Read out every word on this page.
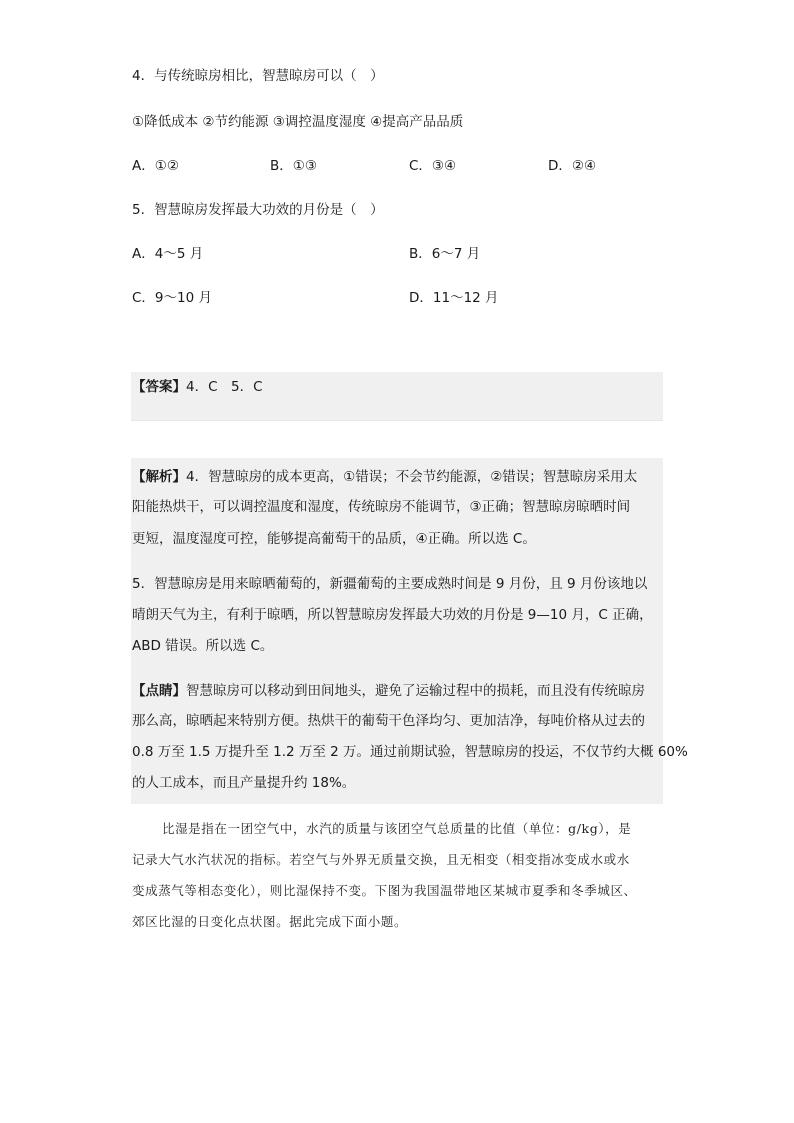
4．与传统晾房相比，智慧晾房可以（　）
①降低成本 ②节约能源 ③调控温度湿度 ④提高产品品质
A．①②	B．①③	C．③④	D．②④
5．智慧晾房发挥最大功效的月份是（　）
A．4～5 月	B．6～7 月
C．9～10 月	D．11～12 月
【答案】4．C　5．C
【解析】4．智慧晾房的成本更高，①错误；不会节约能源，②错误；智慧晾房采用太
阳能热烘干，可以调控温度和湿度，传统晾房不能调节，③正确；智慧晾房晾晒时间
更短，温度湿度可控，能够提高葡萄干的品质，④正确。所以选 C。
5．智慧晾房是用来晾晒葡萄的，新疆葡萄的主要成熟时间是 9 月份，且 9 月份该地以
晴朗天气为主，有利于晾晒，所以智慧晾房发挥最大功效的月份是 9—10 月，C 正确，
ABD 错误。所以选 C。
【点睛】智慧晾房可以移动到田间地头，避免了运输过程中的损耗，而且没有传统晾房
那么高，晾晒起来特别方便。热烘干的葡萄干色泽均匀、更加洁净，每吨价格从过去的
0.8 万至 1.5 万提升至 1.2 万至 2 万。通过前期试验，智慧晾房的投运，不仅节约大概 60%
的人工成本，而且产量提升约 18%。
比湿是指在一团空气中，水汽的质量与该团空气总质量的比值（单位：g/kg），是
记录大气水汽状况的指标。若空气与外界无质量交换，且无相变（相变指冰变成水或水
变成蒸气等相态变化），则比湿保持不变。下图为我国温带地区某城市夏季和冬季城区、
郊区比湿的日变化点状图。据此完成下面小题。
